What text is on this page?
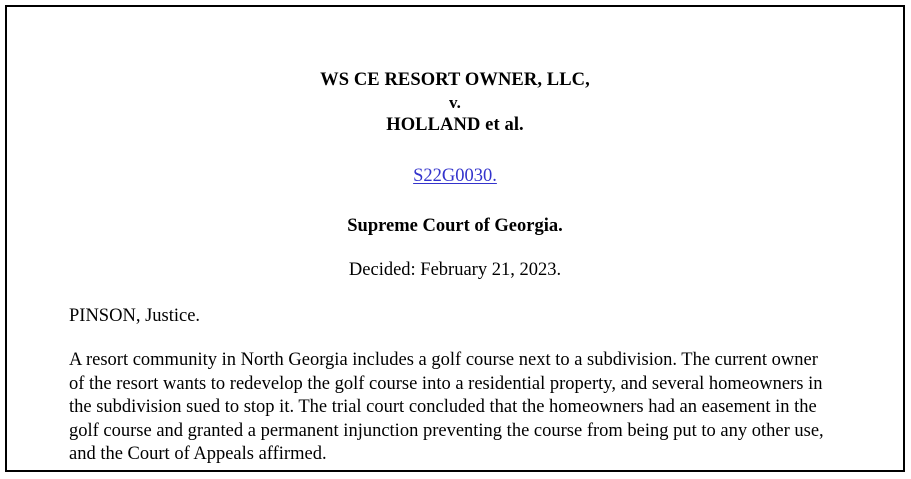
WS CE RESORT OWNER, LLC,
v.
HOLLAND et al.
S22G0030.
Supreme Court of Georgia.
Decided: February 21, 2023.
PINSON, Justice.

A resort community in North Georgia includes a golf course next to a subdivision. The current owner of the resort wants to redevelop the golf course into a residential property, and several homeowners in the subdivision sued to stop it. The trial court concluded that the homeowners had an easement in the golf course and granted a permanent injunction preventing the course from being put to any other use, and the Court of Appeals affirmed.
